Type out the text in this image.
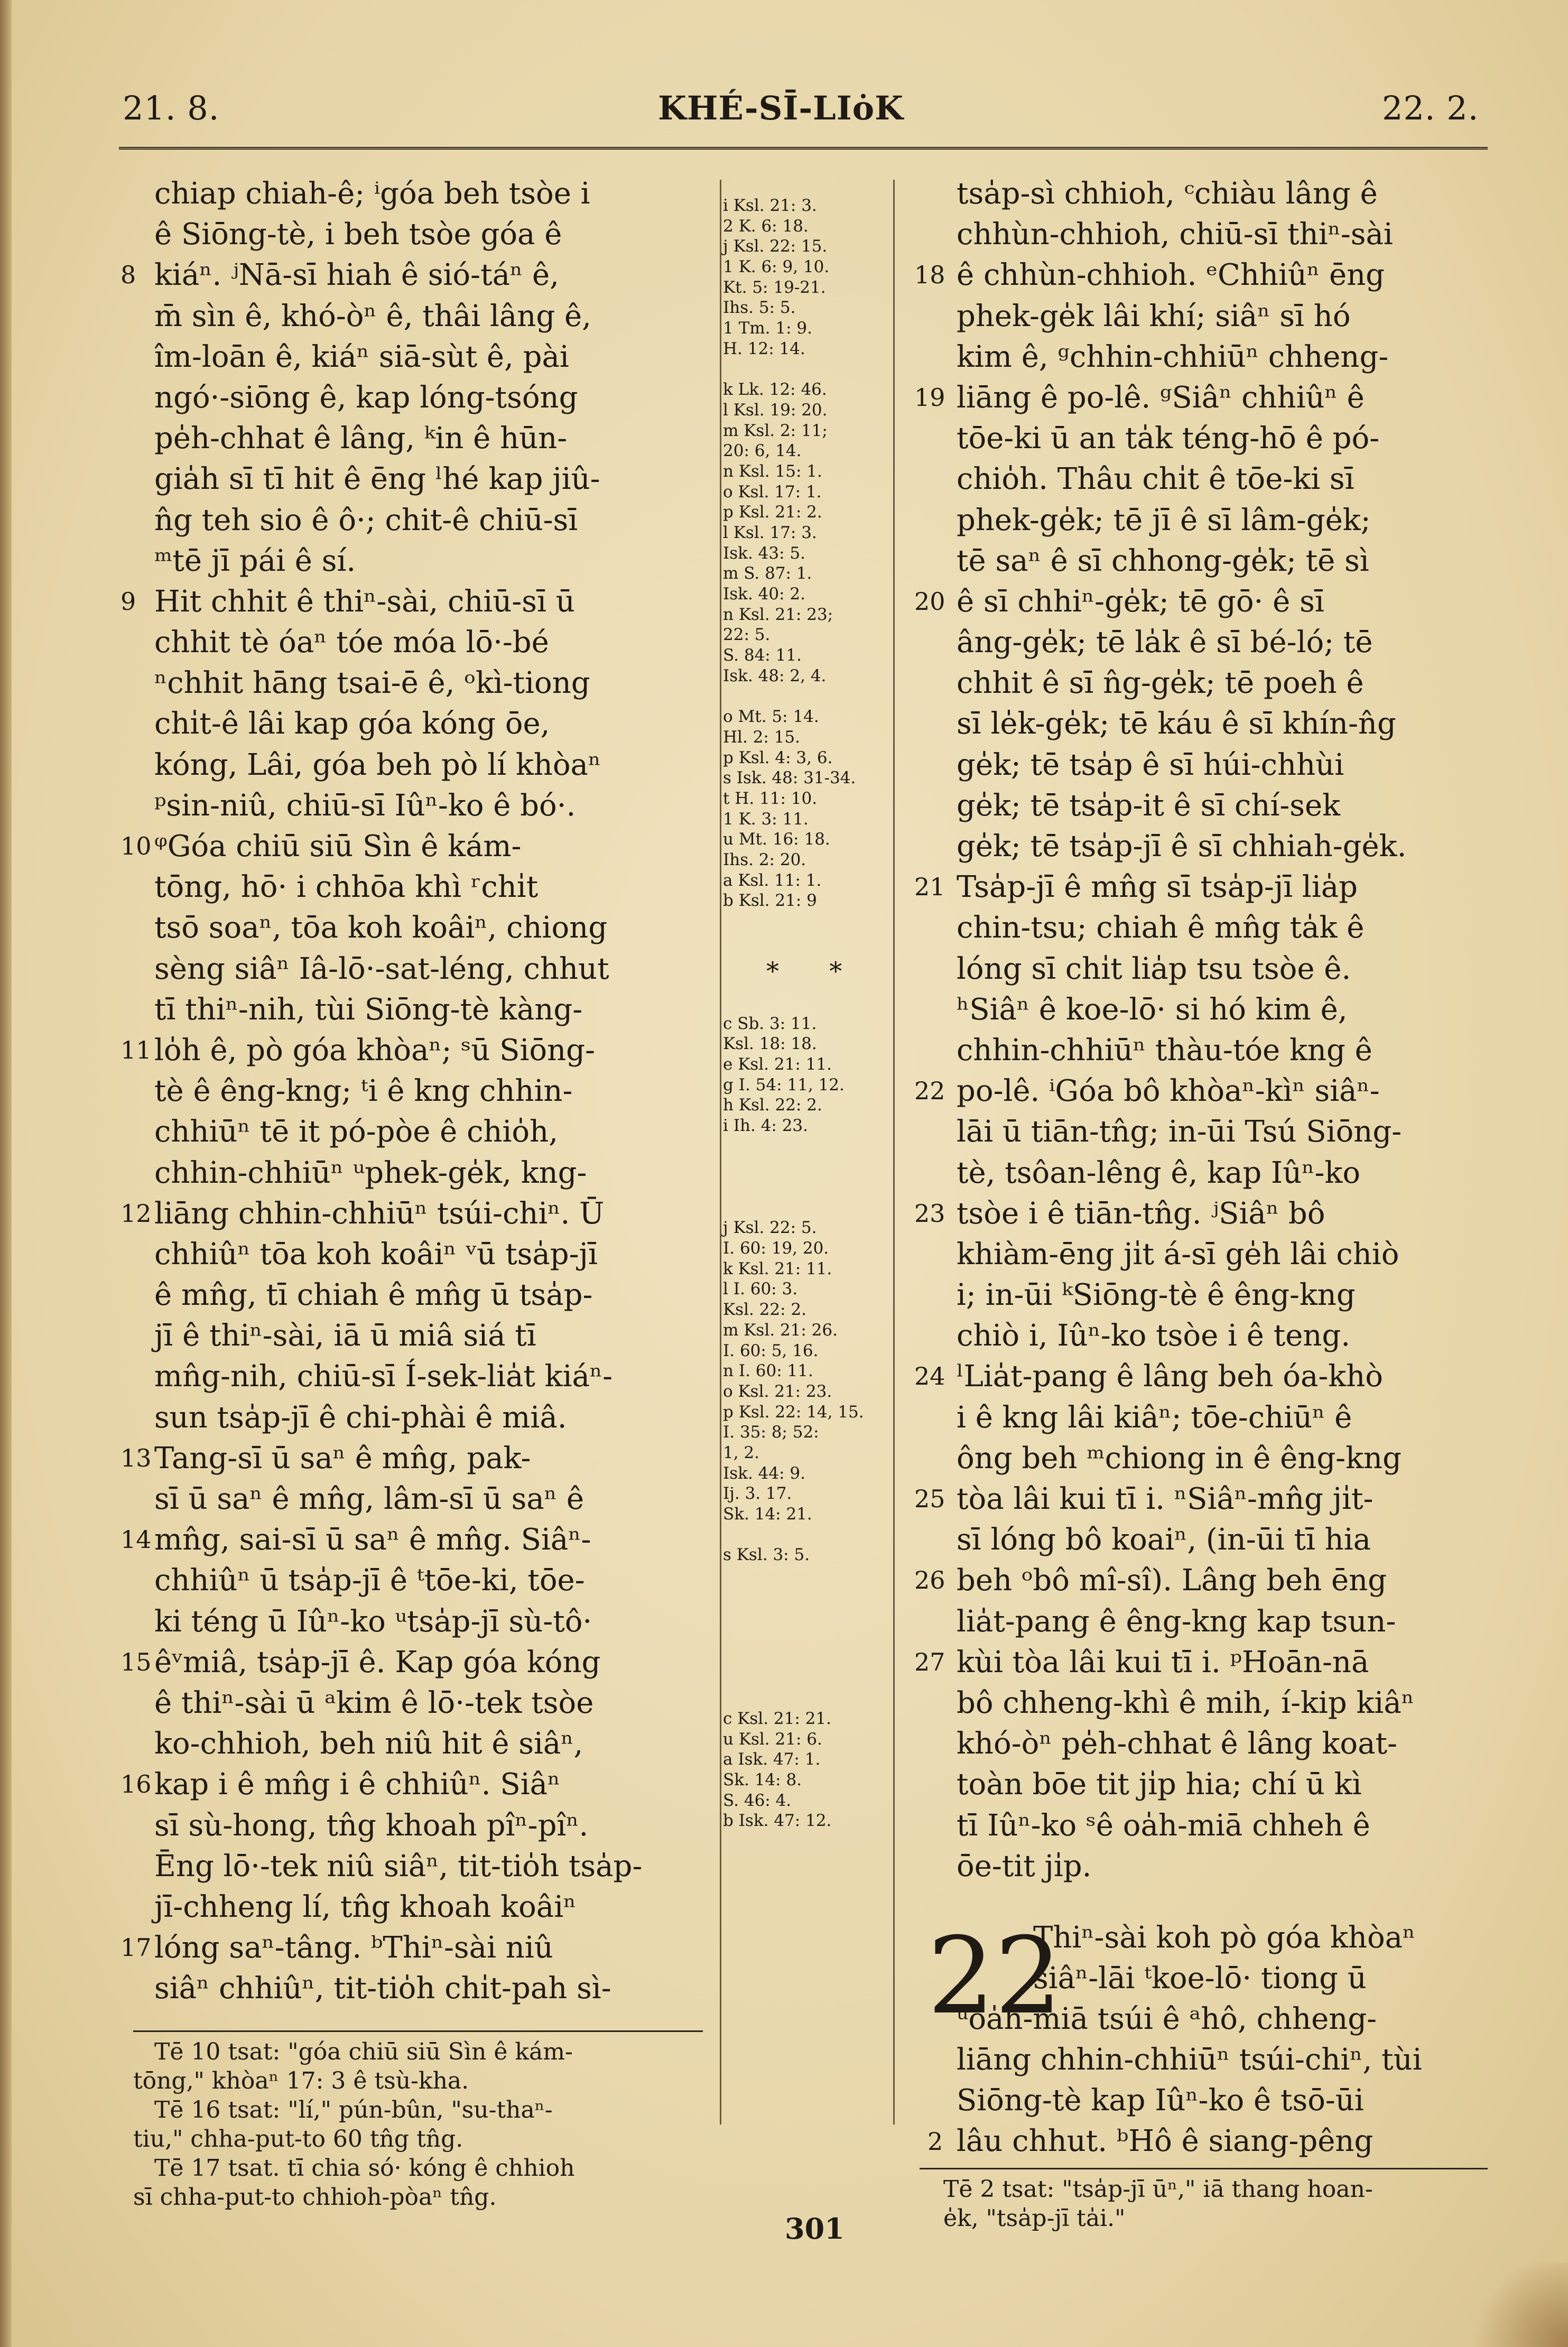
21. 8.	KHÉ-SĪ-LIȯK	22. 2.
chiap chiah-ê; ⁱgóa beh tsòe i
ê Siōng-tè, i beh tsòe góa ê
8 kiáⁿ. ʲNā-sī hiah ê sió-táⁿ ê,
m̄ sìn ê, khó-òⁿ ê, thâi lâng ê,
îm-loān ê, kiáⁿ siā-sùt ê, pài
ngó·-siōng ê, kap lóng-tsóng
pe̍h-chhat ê lâng, ᵏin ê hūn-
gia̍h sī tī hit ê ēng ˡhé kap jiû-
n̂g teh sio ê ô·; chit-ê chiū-sī
ᵐtē jī pái ê sí.
9 Hit chhit ê thiⁿ-sài, chiū-sī ū
chhit tè óaⁿ tóe móa lō·-bé
ⁿchhit hāng tsai-ē ê, ᵒkì-tiong
chi̍t-ê lâi kap góa kóng ōe,
kóng, Lâi, góa beh pò lí khòaⁿ
ᵖsin-niû, chiū-sī Iûⁿ-ko ê bó·.
10 ᵠGóa chiū siū Sìn ê kám-
tōng, hō· i chhōa khì ʳchi̍t
tsō soaⁿ, tōa koh koâiⁿ, chiong
sèng siâⁿ Iâ-lō·-sat-léng, chhut
tī thiⁿ-nih, tùi Siōng-tè kàng-
11 lo̍h ê, pò góa khòaⁿ; ˢū Siōng-
tè ê êng-kng; ᵗi ê kng chhin-
chhiūⁿ tē it pó-pòe ê chio̍h,
chhin-chhiūⁿ ᵘphek-ge̍k, kng-
12 liāng chhin-chhiūⁿ tsúi-chiⁿ. Ū
chhiûⁿ tōa koh koâiⁿ ᵛū tsa̍p-jī
ê mn̂g, tī chiah ê mn̂g ū tsa̍p-
jī ê thiⁿ-sài, iā ū miâ siá tī
mn̂g-nih, chiū-sī Í-sek-lia̍t kiáⁿ-
sun tsa̍p-jī ê chi-phài ê miâ.
13 Tang-sī ū saⁿ ê mn̂g, pak-
sī ū saⁿ ê mn̂g, lâm-sī ū saⁿ ê
14 mn̂g, sai-sī ū saⁿ ê mn̂g. Siâⁿ-
chhiûⁿ ū tsa̍p-jī ê ᵗtōe-ki, tōe-
ki téng ū Iûⁿ-ko ᵘtsa̍p-jī sù-tô·
15 êᵛmiâ, tsa̍p-jī ê. Kap góa kóng
ê thiⁿ-sài ū ᵃkim ê lō·-tek tsòe
ko-chhioh, beh niû hit ê siâⁿ,
16 kap i ê mn̂g i ê chhiûⁿ. Siâⁿ
sī sù-hong, tn̂g khoah pîⁿ-pîⁿ.
Ēng lō·-tek niû siâⁿ, tit-tio̍h tsa̍p-
jī-chheng lí, tn̂g khoah koâiⁿ
17 lóng saⁿ-tâng. ᵇThiⁿ-sài niû
siâⁿ chhiûⁿ, tit-tio̍h chi̍t-pah sì-
i Ksl. 21: 3.
2 K. 6: 18.
j Ksl. 22: 15.
1 K. 6: 9, 10.
Kt. 5: 19-21.
Ihs. 5: 5.
1 Tm. 1: 9.
H. 12: 14.
k Lk. 12: 46.
l Ksl. 19: 20.
m Ksl. 2: 11;
20: 6, 14.
n Ksl. 15: 1.
o Ksl. 17: 1.
p Ksl. 21: 2.
l Ksl. 17: 3.
Isk. 43: 5.
m S. 87: 1.
Isk. 40: 2.
n Ksl. 21: 23;
22: 5.
S. 84: 11.
Isk. 48: 2, 4.
o Mt. 5: 14.
Hl. 2: 15.
p Ksl. 4: 3, 6.
s Isk. 48: 31-34.
t H. 11: 10.
1 K. 3: 11.
u Mt. 16: 18.
Ihs. 2: 20.
a Ksl. 11: 1.
b Ksl. 21: 9
c Sb. 3: 11.
Ksl. 18: 18.
e Ksl. 21: 11.
g I. 54: 11, 12.
h Ksl. 22: 2.
i Ih. 4: 23.
j Ksl. 22: 5.
I. 60: 19, 20.
k Ksl. 21: 11.
l I. 60: 3.
Ksl. 22: 2.
m Ksl. 21: 26.
I. 60: 5, 16.
n I. 60: 11.
o Ksl. 21: 23.
p Ksl. 22: 14, 15.
I. 35: 8; 52:
1, 2.
Isk. 44: 9.
Ij. 3. 17.
Sk. 14: 21.
s Ksl. 3: 5.
c Ksl. 21: 21.
u Ksl. 21: 6.
a Isk. 47: 1.
Sk. 14: 8.
S. 46: 4.
b Isk. 47: 12.
* *
tsa̍p-sì chhioh, ᶜchiàu lâng ê
chhùn-chhioh, chiū-sī thiⁿ-sài
18 ê chhùn-chhioh. ᵉChhiûⁿ ēng
phek-ge̍k lâi khí; siâⁿ sī hó
kim ê, ᵍchhin-chhiūⁿ chheng-
19 liāng ê po-lê. ᵍSiâⁿ chhiûⁿ ê
tōe-ki ū an ta̍k téng-hō ê pó-
chio̍h. Thâu chi̍t ê tōe-ki sī
phek-ge̍k; tē jī ê sī lâm-ge̍k;
tē saⁿ ê sī chhong-ge̍k; tē sì
20 ê sī chhiⁿ-ge̍k; tē gō· ê sī
âng-ge̍k; tē la̍k ê sī bé-ló; tē
chhit ê sī n̂g-ge̍k; tē poeh ê
sī le̍k-ge̍k; tē káu ê sī khín-n̂g
ge̍k; tē tsa̍p ê sī húi-chhùi
ge̍k; tē tsa̍p-it ê sī chí-sek
ge̍k; tē tsa̍p-jī ê sī chhiah-ge̍k.
21 Tsa̍p-jī ê mn̂g sī tsa̍p-jī lia̍p
chin-tsu; chiah ê mn̂g ta̍k ê
lóng sī chi̍t lia̍p tsu tsòe ê.
ʰSiâⁿ ê koe-lō· si hó kim ê,
chhin-chhiūⁿ thàu-tóe kng ê
22 po-lê. ⁱGóa bô khòaⁿ-kìⁿ siâⁿ-
lāi ū tiān-tn̂g; in-ūi Tsú Siōng-
tè, tsôan-lêng ê, kap Iûⁿ-ko
23 tsòe i ê tiān-tn̂g. ʲSiâⁿ bô
khiàm-ēng ji̍t á-sī ge̍h lâi chiò
i; in-ūi ᵏSiōng-tè ê êng-kng
chiò i, Iûⁿ-ko tsòe i ê teng.
24 ˡLia̍t-pang ê lâng beh óa-khò
i ê kng lâi kiâⁿ; tōe-chiūⁿ ê
ông beh ᵐchiong in ê êng-kng
25 tòa lâi kui tī i. ⁿSiâⁿ-mn̂g ji̍t-
sī lóng bô koaiⁿ, (in-ūi tī hia
26 beh ᵒbô mî-sî). Lâng beh ēng
lia̍t-pang ê êng-kng kap tsun-
27 kùi tòa lâi kui tī i. ᵖHoān-nā
bô chheng-khì ê mih, í-kip kiâⁿ
khó-òⁿ pe̍h-chhat ê lâng koat-
toàn bōe tit ji̍p hia; chí ū kì
tī Iûⁿ-ko ˢê oa̍h-miā chheh ê
ōe-tit ji̍p.
22
Thiⁿ-sài koh pò góa khòaⁿ
siâⁿ-lāi ᵗkoe-lō· tiong ū
ᵘoa̍h-miā tsúi ê ᵃhô, chheng-
liāng chhin-chhiūⁿ tsúi-chiⁿ, tùi
Siōng-tè kap Iûⁿ-ko ê tsō-ūi
2 lâu chhut. ᵇHô ê siang-pêng
Tē 10 tsat: "góa chiū siū Sìn ê kám-
tōng," khòaⁿ 17: 3 ê tsù-kha.
Tē 16 tsat: "lí," pún-bûn, "su-thaⁿ-
tiu," chha-put-to 60 tn̂g tn̂g.
Tē 17 tsat. tī chia só· kóng ê chhioh
sī chha-put-to chhioh-pòaⁿ tn̂g.	Tē 2 tsat: "tsa̍p-jī ūⁿ," iā thang hoan-
e̍k, "tsa̍p-jī ta̍i."
301
